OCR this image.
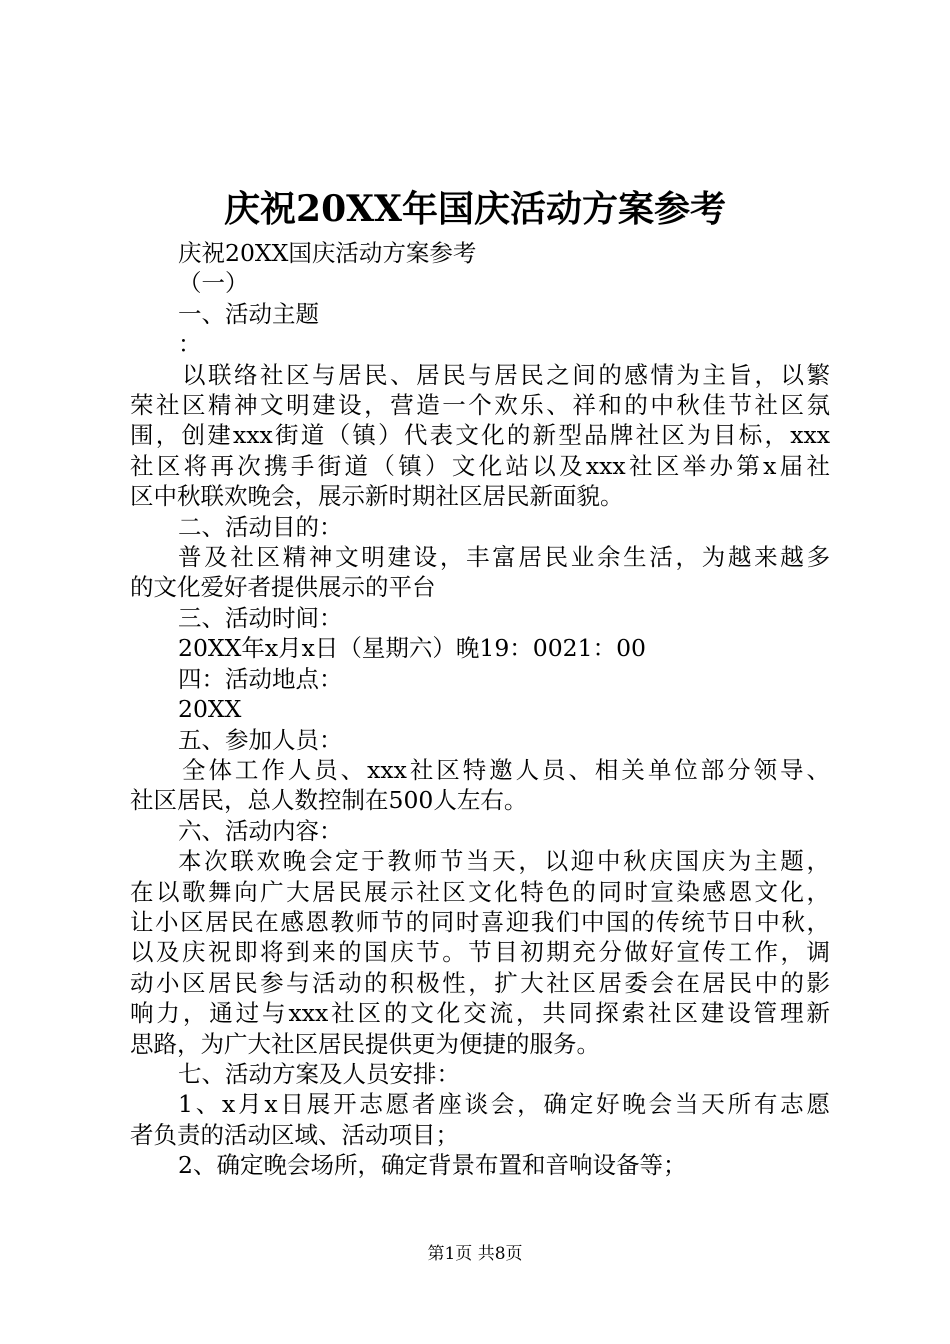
庆祝20XX年国庆活动方案参考
庆祝20XX国庆活动方案参考
（一）
一、活动主题
：
以联络社区与居民、居民与居民之间的感情为主旨，以繁
荣社区精神文明建设，营造一个欢乐、祥和的中秋佳节社区氛
围，创建xxx街道（镇）代表文化的新型品牌社区为目标，xxx
社区将再次携手街道（镇）文化站以及xxx社区举办第x届社
区中秋联欢晚会，展示新时期社区居民新面貌。
二、活动目的：
普及社区精神文明建设，丰富居民业余生活，为越来越多
的文化爱好者提供展示的平台
三、活动时间：
20XX年x月x日（星期六）晚19：0021：00
四：活动地点：
20XX
五、参加人员：
全体工作人员、xxx社区特邀人员、相关单位部分领导、
社区居民，总人数控制在500人左右。
六、活动内容：
本次联欢晚会定于教师节当天，以迎中秋庆国庆为主题，
在以歌舞向广大居民展示社区文化特色的同时宣染感恩文化，
让小区居民在感恩教师节的同时喜迎我们中国的传统节日中秋，
以及庆祝即将到来的国庆节。节目初期充分做好宣传工作，调
动小区居民参与活动的积极性，扩大社区居委会在居民中的影
响力，通过与xxx社区的文化交流，共同探索社区建设管理新
思路，为广大社区居民提供更为便捷的服务。
七、活动方案及人员安排：
1、x月x日展开志愿者座谈会，确定好晚会当天所有志愿
者负责的活动区域、活动项目；
2、确定晚会场所，确定背景布置和音响设备等；
第1页 共8页
